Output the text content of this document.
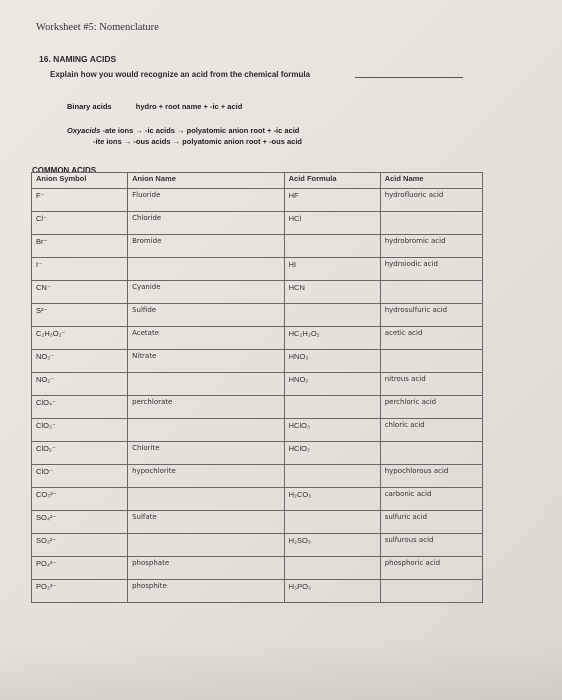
Worksheet #5: Nomenclature
16. NAMING ACIDS
Explain how you would recognize an acid from the chemical formula
Binary acids	hydro + root name + -ic + acid
Oxyacids -ate ions → -ic acids → polyatomic anion root + -ic acid
-ite ions → -ous acids → polyatomic anion root + -ous acid
COMMON ACIDS
Anion Symbol	Anion Name	Acid Formula	Acid Name

F⁻	Fluoride	HF	hydrofluoric acid

Cl⁻	Chloride	HCl	

Br⁻	Bromide		hydrobromic acid

I⁻		HI	hydroiodic acid

CN⁻	Cyanide	HCN	

S²⁻	Sulfide		hydrosulfuric acid

C₂H₃O₂⁻	Acetate	HC₂H₃O₂	acetic acid

NO₃⁻	Nitrate	HNO₃	

NO₂⁻		HNO₂	nitrous acid

ClO₄⁻	perchlorate		perchloric acid

ClO₃⁻		HClO₃	chloric acid

ClO₂⁻	Chlorite	HClO₂	

ClO⁻	hypochlorite		hypochlorous acid

CO₃²⁻		H₂CO₃	carbonic acid

SO₄²⁻	Sulfate		sulfuric acid

SO₃²⁻		H₂SO₃	sulfurous acid

PO₄³⁻	phosphate		phosphoric acid

PO₃³⁻	phosphite	H₃PO₃	
